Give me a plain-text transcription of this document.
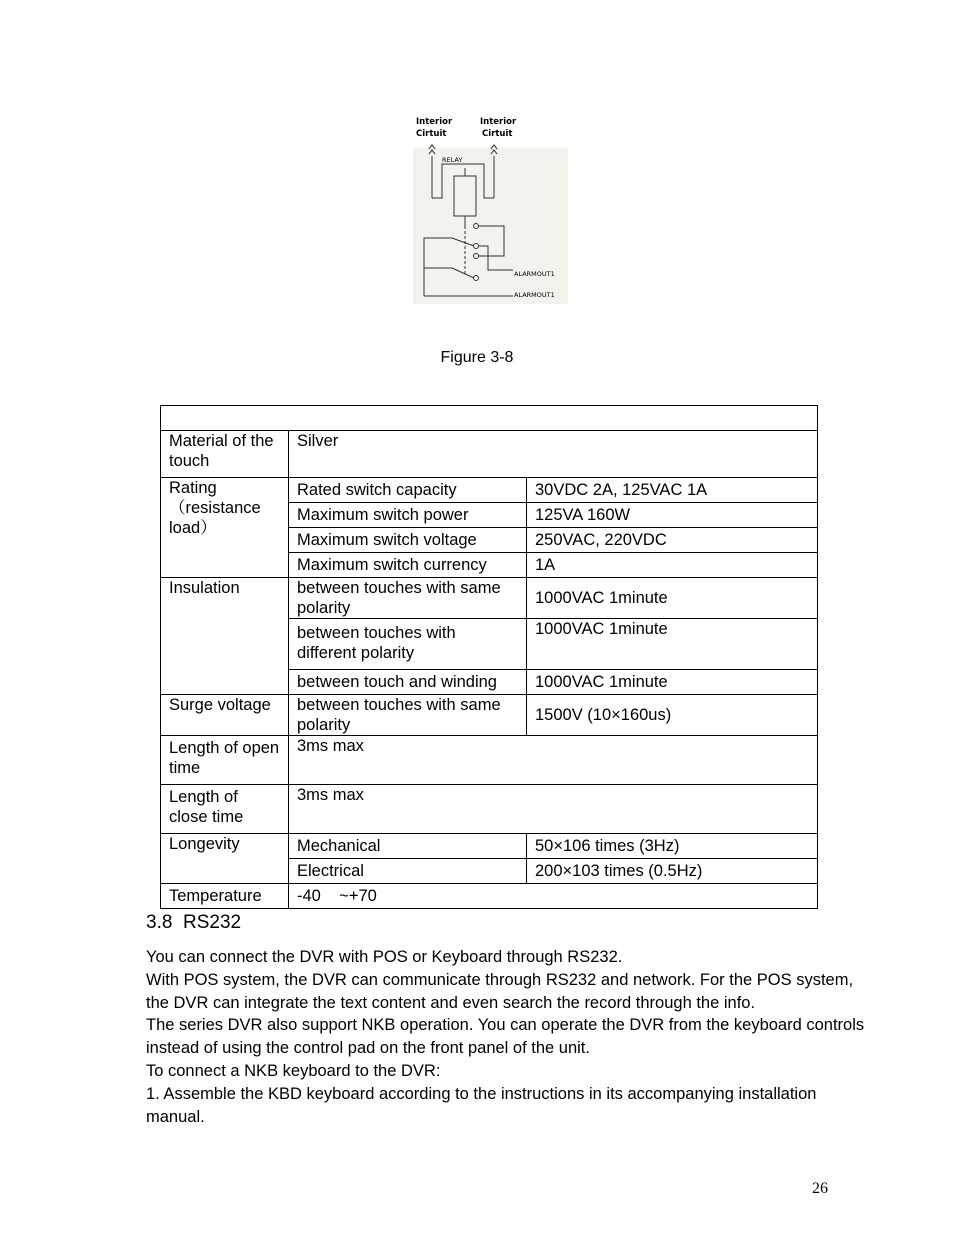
Interior
Cirtuit
Interior
Cirtuit
RELAY
ALARMOUT1
ALARMOUT1
Figure 3-8

Material of the touch	Silver	
Rating （resistance load）	Rated switch capacity	30VDC 2A, 125VAC 1A
	Maximum switch power	125VA 160W
	Maximum switch voltage	250VAC, 220VDC
	Maximum switch currency	1A
Insulation	between touches with same polarity	1000VAC 1minute
	between touches with different polarity	1000VAC 1minute
	between touch and winding	1000VAC 1minute
Surge voltage	between touches with same polarity	1500V (10×160us)
Length of open time	3ms max	
Length of close time	3ms max	
Longevity	Mechanical	50×106 times (3Hz)
	Electrical	200×103 times (0.5Hz)
Temperature	-40    ~+70	
3.8 RS232

You can connect the DVR with POS or Keyboard through RS232.

With POS system, the DVR can communicate through RS232 and network. For the POS system, the DVR can integrate the text content and even search the record through the info.

The series DVR also support NKB operation. You can operate the DVR from the keyboard controls instead of using the control pad on the front panel of the unit.

To connect a NKB keyboard to the DVR:

1. Assemble the KBD keyboard according to the instructions in its accompanying installation manual.

26
